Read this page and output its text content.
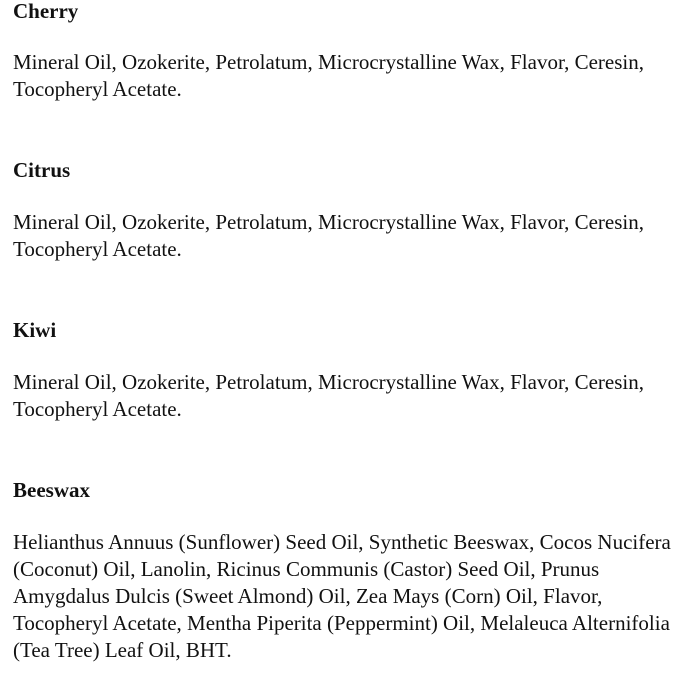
Cherry

Mineral Oil, Ozokerite, Petrolatum, Microcrystalline Wax, Flavor, Ceresin, Tocopheryl Acetate.

Citrus

Mineral Oil, Ozokerite, Petrolatum, Microcrystalline Wax, Flavor, Ceresin, Tocopheryl Acetate.

Kiwi

Mineral Oil, Ozokerite, Petrolatum, Microcrystalline Wax, Flavor, Ceresin, Tocopheryl Acetate.

Beeswax

Helianthus Annuus (Sunflower) Seed Oil, Synthetic Beeswax, Cocos Nucifera (Coconut) Oil, Lanolin, Ricinus Communis (Castor) Seed Oil, Prunus Amygdalus Dulcis (Sweet Almond) Oil, Zea Mays (Corn) Oil, Flavor, Tocopheryl Acetate, Mentha Piperita (Peppermint) Oil, Melaleuca Alternifolia (Tea Tree) Leaf Oil, BHT.
